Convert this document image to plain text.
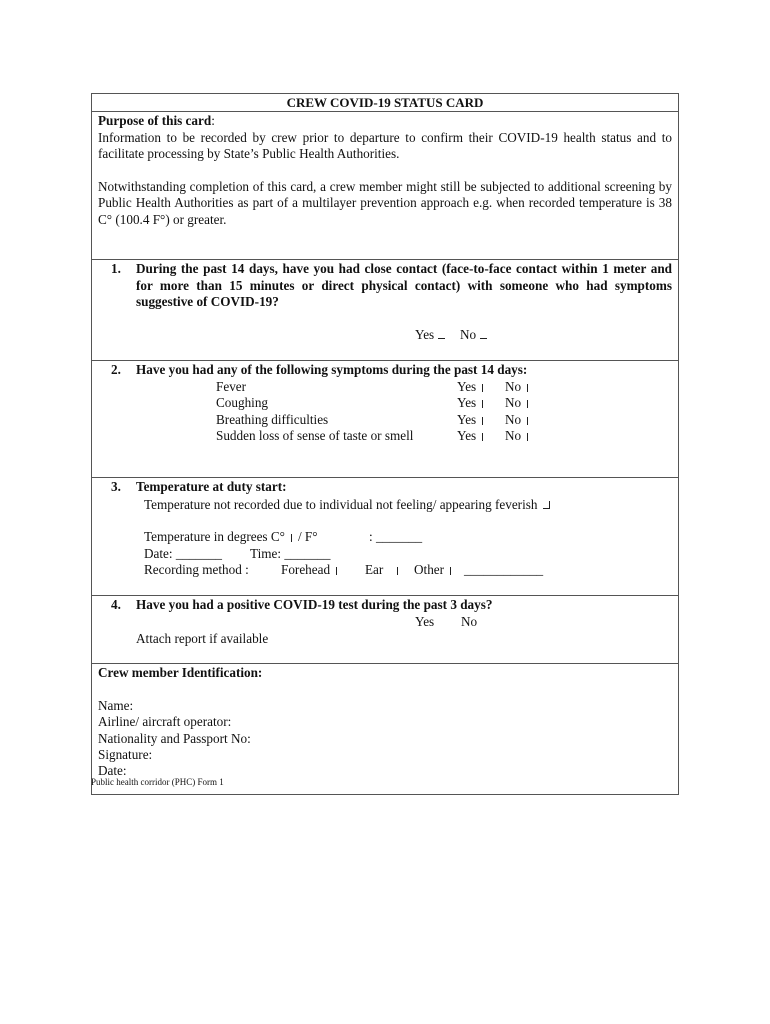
CREW COVID-19 STATUS CARD
Purpose of this card:

Information to be recorded by crew prior to departure to confirm their COVID-19 health status and to facilitate processing by State’s Public Health Authorities.

Notwithstanding completion of this card, a crew member might still be subjected to additional screening by Public Health Authorities as part of a multilayer prevention approach e.g. when recorded temperature is 38 C° (100.4 F°) or greater.

1. During the past 14 days, have you had close contact (face-to-face contact within 1 meter and for more than 15 minutes or direct physical contact) with someone who had symptoms suggestive of COVID-19?
Yes	No
2. Have you had any of the following symptoms during the past 14 days:
Fever	Yes	No
Coughing	Yes	No
Breathing difficulties	Yes	No
Sudden loss of sense of taste or smell	Yes	No
3. Temperature at duty start:
Temperature not recorded due to individual not feeling/ appearing feverish
Temperature in degrees C° / F°	: _______
Date: _______ Time: _______
Recording method : Forehead	Ear	Other	____________
4. Have you had a positive COVID-19 test during the past 3 days?
Yes No
Attach report if available
Crew member Identification:
Name:
Airline/ aircraft operator:
Nationality and Passport No:
Signature:
Date:
Public health corridor (PHC) Form 1
